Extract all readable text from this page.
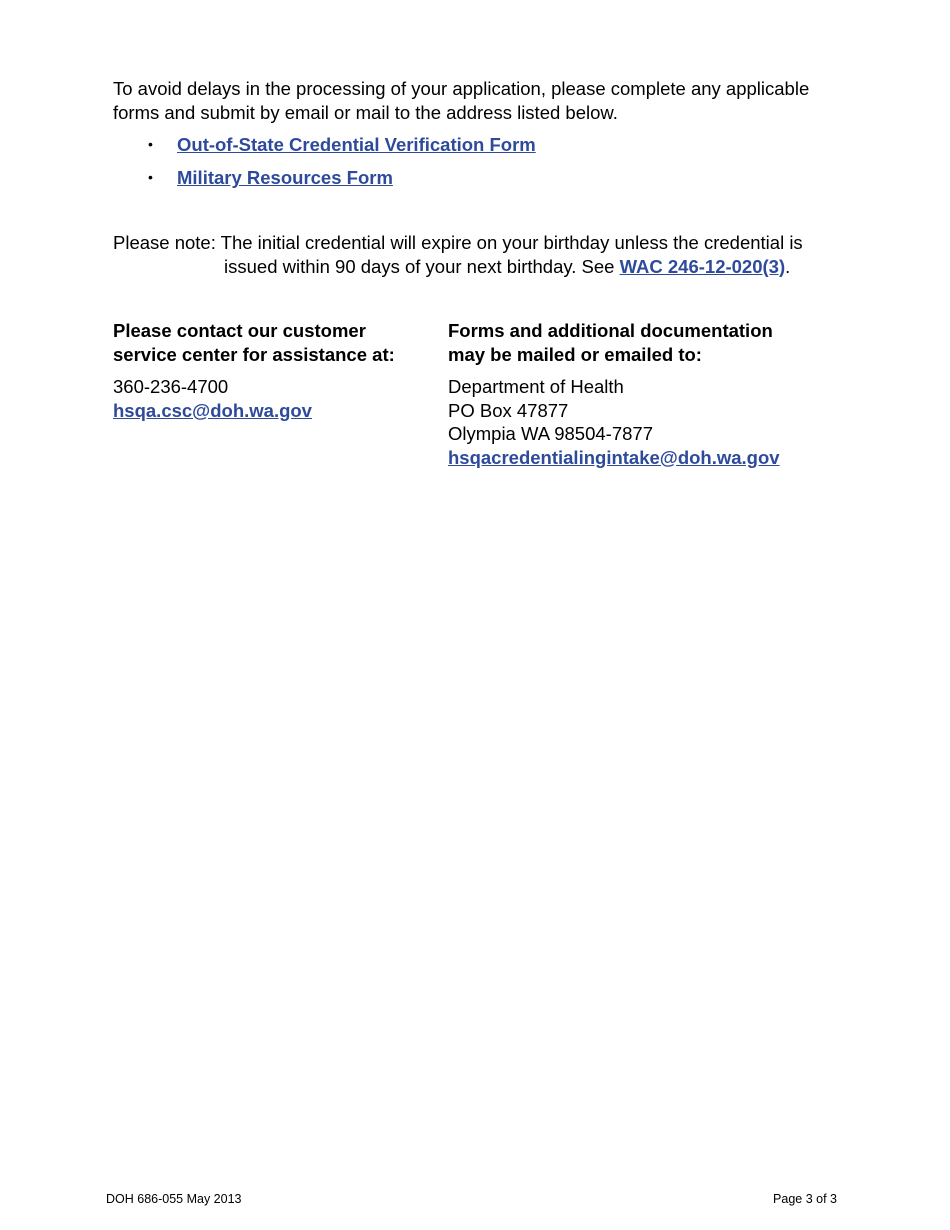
To avoid delays in the processing of your application, please complete any applicable forms and submit by email or mail to the address listed below.

•	Out-of-State Credential Verification Form
•	Military Resources Form

Please note: The initial credential will expire on your birthday unless the credential is
issued within 90 days of your next birthday. See WAC 246-12-020(3).

Please contact our customer
service center for assistance at:

360-236-4700
hsqa.csc@doh.wa.gov

Forms and additional documentation
may be mailed or emailed to:

Department of Health
PO Box 47877
Olympia WA 98504-7877
hsqacredentialingintake@doh.wa.gov
DOH 686-055 May 2013	Page 3 of 3
